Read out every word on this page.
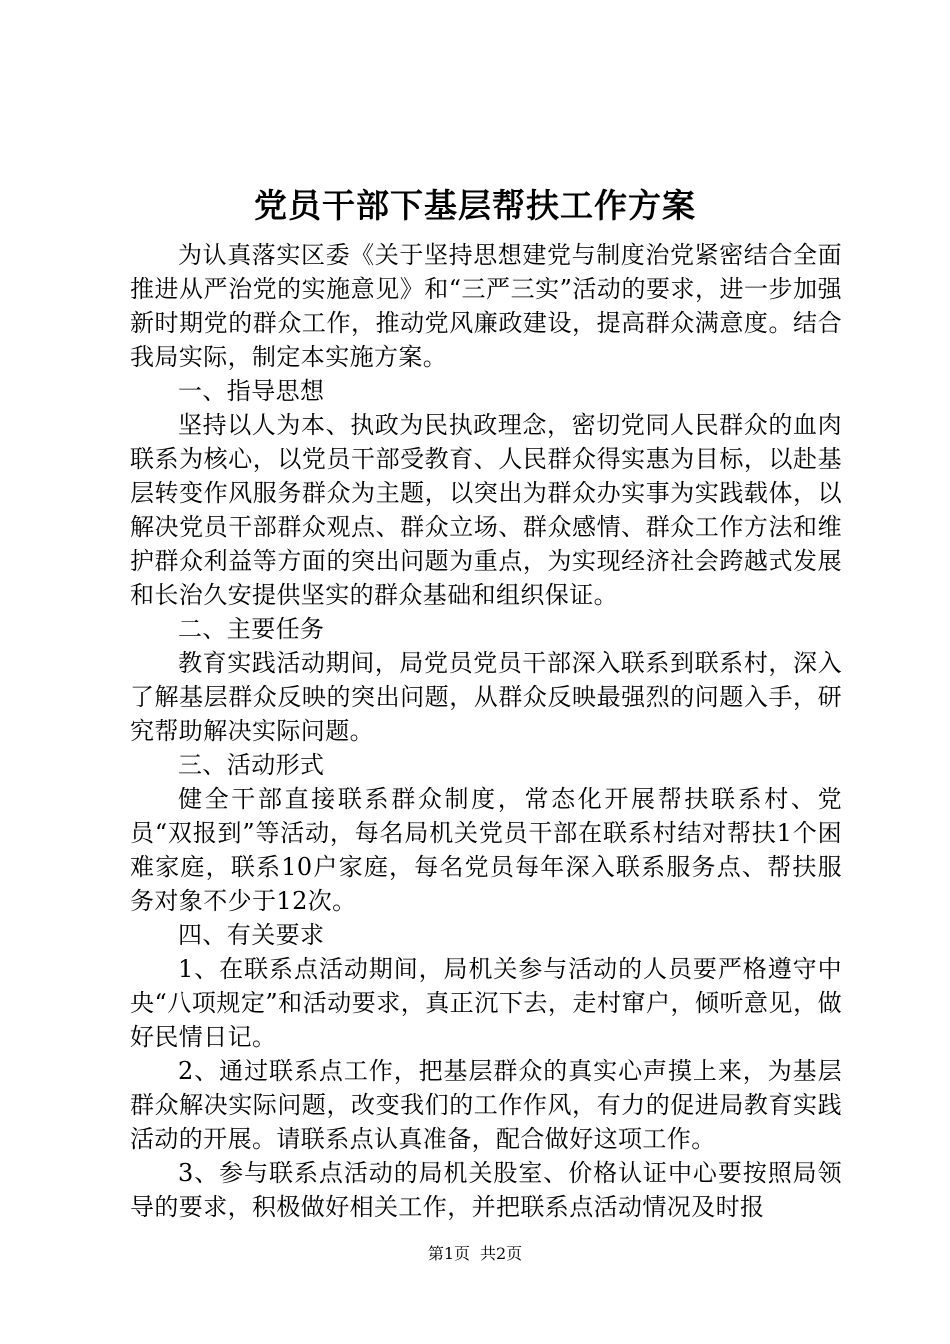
党员干部下基层帮扶工作方案

为认真落实区委《关于坚持思想建党与制度治党紧密结合全面推进从严治党的实施意见》和“三严三实”活动的要求，进一步加强新时期党的群众工作，推动党风廉政建设，提高群众满意度。结合我局实际，制定本实施方案。

一、指导思想

坚持以人为本、执政为民执政理念，密切党同人民群众的血肉联系为核心，以党员干部受教育、人民群众得实惠为目标，以赴基层转变作风服务群众为主题，以突出为群众办实事为实践载体，以解决党员干部群众观点、群众立场、群众感情、群众工作方法和维护群众利益等方面的突出问题为重点，为实现经济社会跨越式发展和长治久安提供坚实的群众基础和组织保证。

二、主要任务

教育实践活动期间，局党员党员干部深入联系到联系村，深入了解基层群众反映的突出问题，从群众反映最强烈的问题入手，研究帮助解决实际问题。

三、活动形式

健全干部直接联系群众制度，常态化开展帮扶联系村、党员“双报到”等活动，每名局机关党员干部在联系村结对帮扶1个困难家庭，联系10户家庭，每名党员每年深入联系服务点、帮扶服务对象不少于12次。

四、有关要求

1、在联系点活动期间，局机关参与活动的人员要严格遵守中央“八项规定”和活动要求，真正沉下去，走村窜户，倾听意见，做好民情日记。

2、通过联系点工作，把基层群众的真实心声摸上来，为基层群众解决实际问题，改变我们的工作作风，有力的促进局教育实践活动的开展。请联系点认真准备，配合做好这项工作。

3、参与联系点活动的局机关股室、价格认证中心要按照局领导的要求，积极做好相关工作，并把联系点活动情况及时报

第1页 共2页
